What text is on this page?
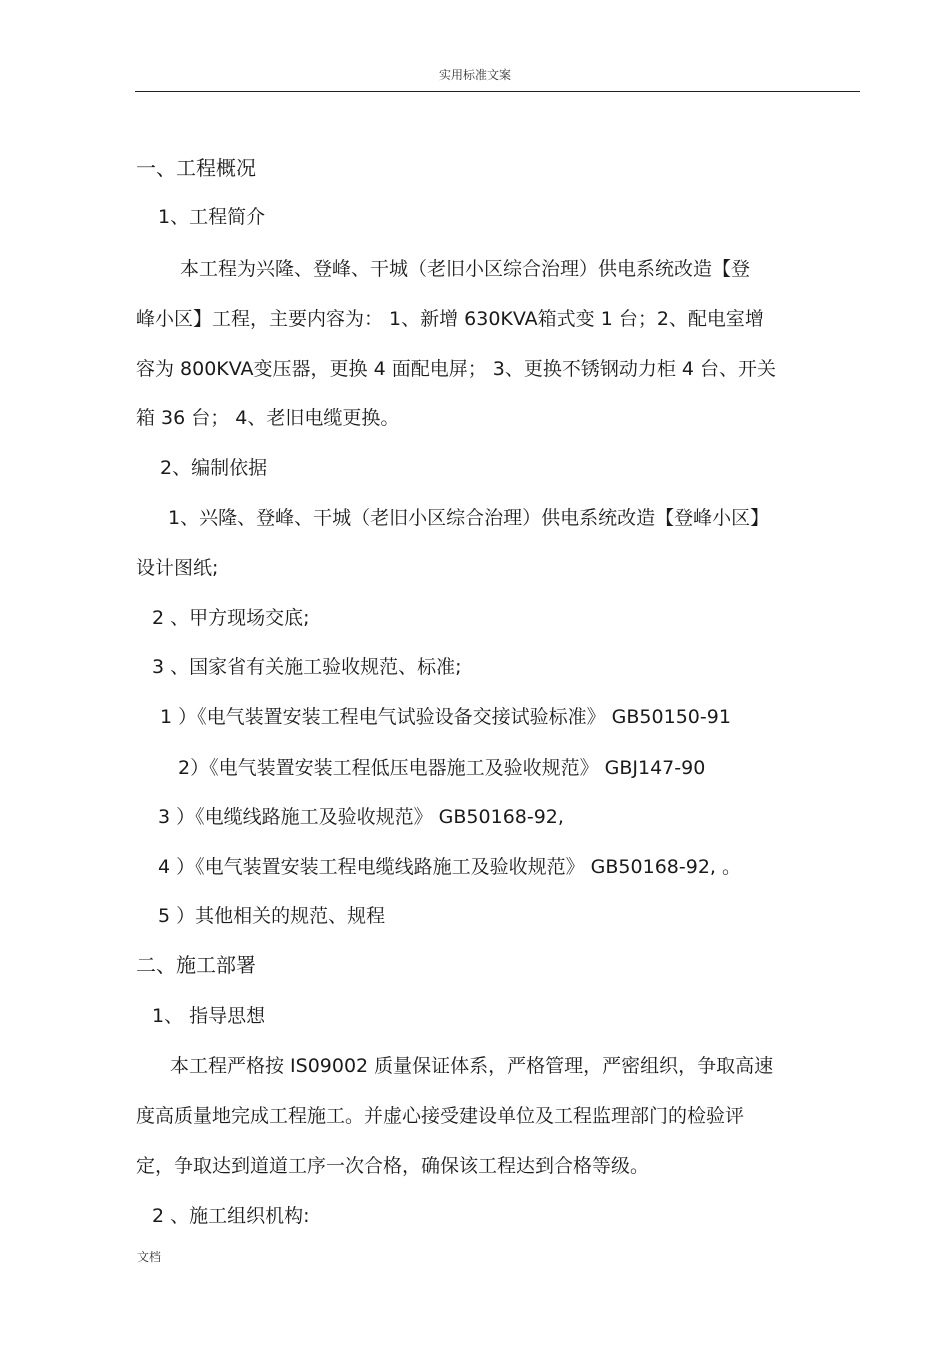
实用标准文案
一、工程概况
1、工程简介
本工程为兴隆、登峰、干城（老旧小区综合治理）供电系统改造【登
峰小区】工程，主要内容为： 1、新增 630KVA箱式变 1 台；2、配电室增
容为 800KVA变压器，更换 4 面配电屏； 3、更换不锈钢动力柜 4 台、开关
箱 36 台； 4、老旧电缆更换。
2、编制依据
1、兴隆、登峰、干城（老旧小区综合治理）供电系统改造【登峰小区】
设计图纸;
2 、甲方现场交底;
3 、国家省有关施工验收规范、标准;
1 ）《电气装置安装工程电气试验设备交接试验标准》 GB50150-91
2）《电气装置安装工程低压电器施工及验收规范》 GBJ147-90
3 ）《电缆线路施工及验收规范》 GB50168-92,
4 ）《电气装置安装工程电缆线路施工及验收规范》 GB50168-92, 。
5 ）其他相关的规范、规程
二、施工部署
1、 指导思想
本工程严格按 IS09002 质量保证体系，严格管理，严密组织，争取高速
度高质量地完成工程施工。并虚心接受建设单位及工程监理部门的检验评
定，争取达到道道工序一次合格，确保该工程达到合格等级。
2 、施工组织机构:
文档
